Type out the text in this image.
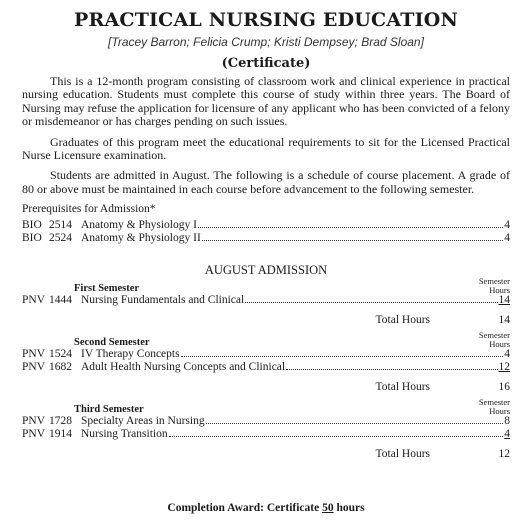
PRACTICAL NURSING EDUCATION
[Tracey Barron; Felicia Crump; Kristi Dempsey; Brad Sloan]
(Certificate)

This is a 12-month program consisting of classroom work and clinical experience in practical nursing education. Students must complete this course of study within three years. The Board of Nursing may refuse the application for licensure of any applicant who has been convicted of a felony or misdemeanor or has charges pending on such issues.

Graduates of this program meet the educational requirements to sit for the Licensed Practical Nurse Licensure examination.

Students are admitted in August. The following is a schedule of course placement. A grade of 80 or above must be maintained in each course before advancement to the following semester.

Prerequisites for Admission*
BIO 2514 Anatomy & Physiology I	4
BIO 2524 Anatomy & Physiology II	4
AUGUST ADMISSION
First Semester
Semester
Hours
PNV 1444 Nursing Fundamentals and Clinical	14
Total Hours	14
Second Semester
Semester
Hours
PNV 1524 IV Therapy Concepts	4
PNV 1682 Adult Health Nursing Concepts and Clinical	12
Total Hours	16
Third Semester
Semester
Hours
PNV 1728 Specialty Areas in Nursing	8
PNV 1914 Nursing Transition	4
Total Hours	12
Completion Award: Certificate 50 hours
